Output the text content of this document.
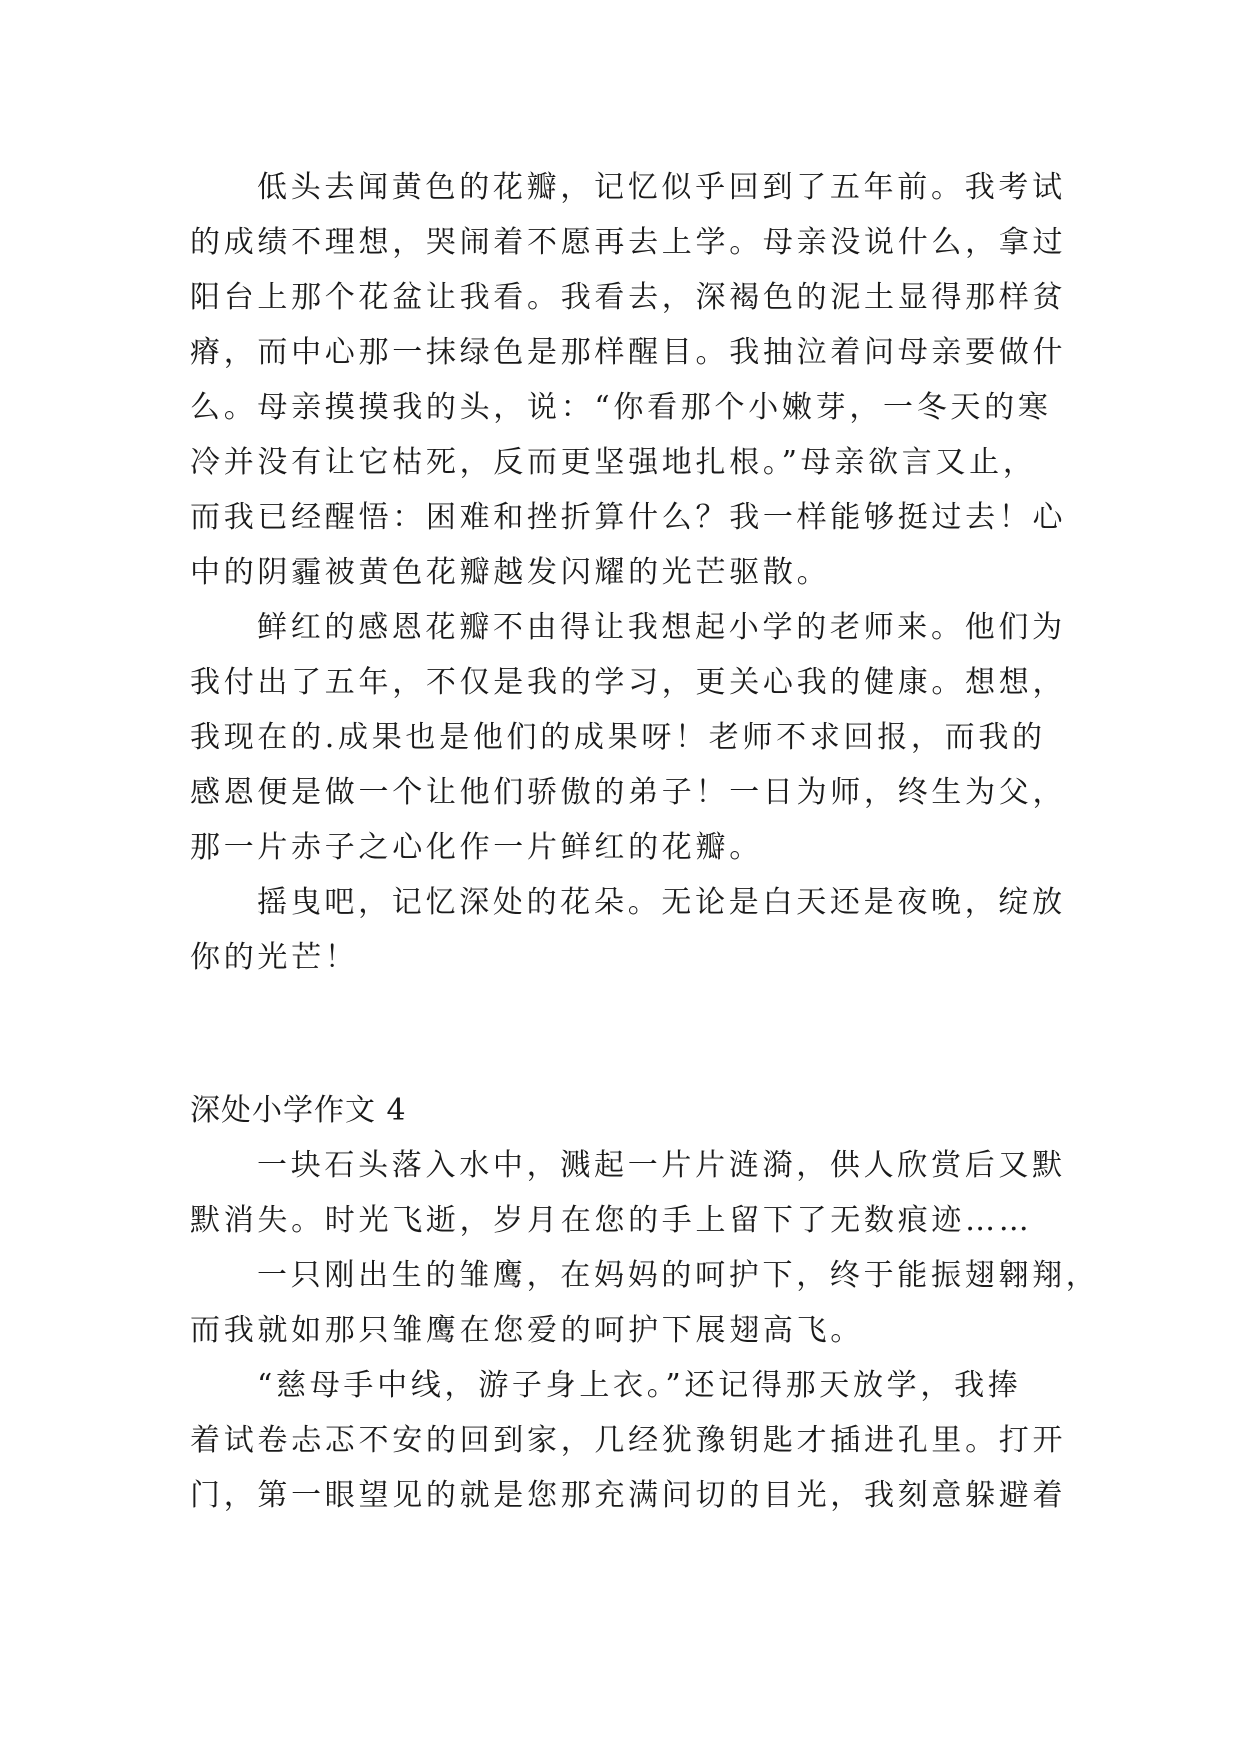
低头去闻黄色的花瓣，记忆似乎回到了五年前。我考试

的成绩不理想，哭闹着不愿再去上学。母亲没说什么，拿过

阳台上那个花盆让我看。我看去，深褐色的泥土显得那样贫

瘠，而中心那一抹绿色是那样醒目。我抽泣着问母亲要做什

么。母亲摸摸我的头，说：“你看那个小嫩芽，一冬天的寒

冷并没有让它枯死，反而更坚强地扎根。”母亲欲言又止，

而我已经醒悟：困难和挫折算什么？我一样能够挺过去！心

中的阴霾被黄色花瓣越发闪耀的光芒驱散。

鲜红的感恩花瓣不由得让我想起小学的老师来。他们为

我付出了五年，不仅是我的学习，更关心我的健康。想想，

我现在的.成果也是他们的成果呀！老师不求回报，而我的

感恩便是做一个让他们骄傲的弟子！一日为师，终生为父，

那一片赤子之心化作一片鲜红的花瓣。

摇曳吧，记忆深处的花朵。无论是白天还是夜晚，绽放

你的光芒！

深处小学作文 4

一块石头落入水中，溅起一片片涟漪，供人欣赏后又默

默消失。时光飞逝，岁月在您的手上留下了无数痕迹……

一只刚出生的雏鹰，在妈妈的呵护下，终于能振翅翱翔，

而我就如那只雏鹰在您爱的呵护下展翅高飞。

“慈母手中线，游子身上衣。”还记得那天放学，我捧

着试卷忐忑不安的回到家，几经犹豫钥匙才插进孔里。打开

门，第一眼望见的就是您那充满问切的目光，我刻意躲避着
